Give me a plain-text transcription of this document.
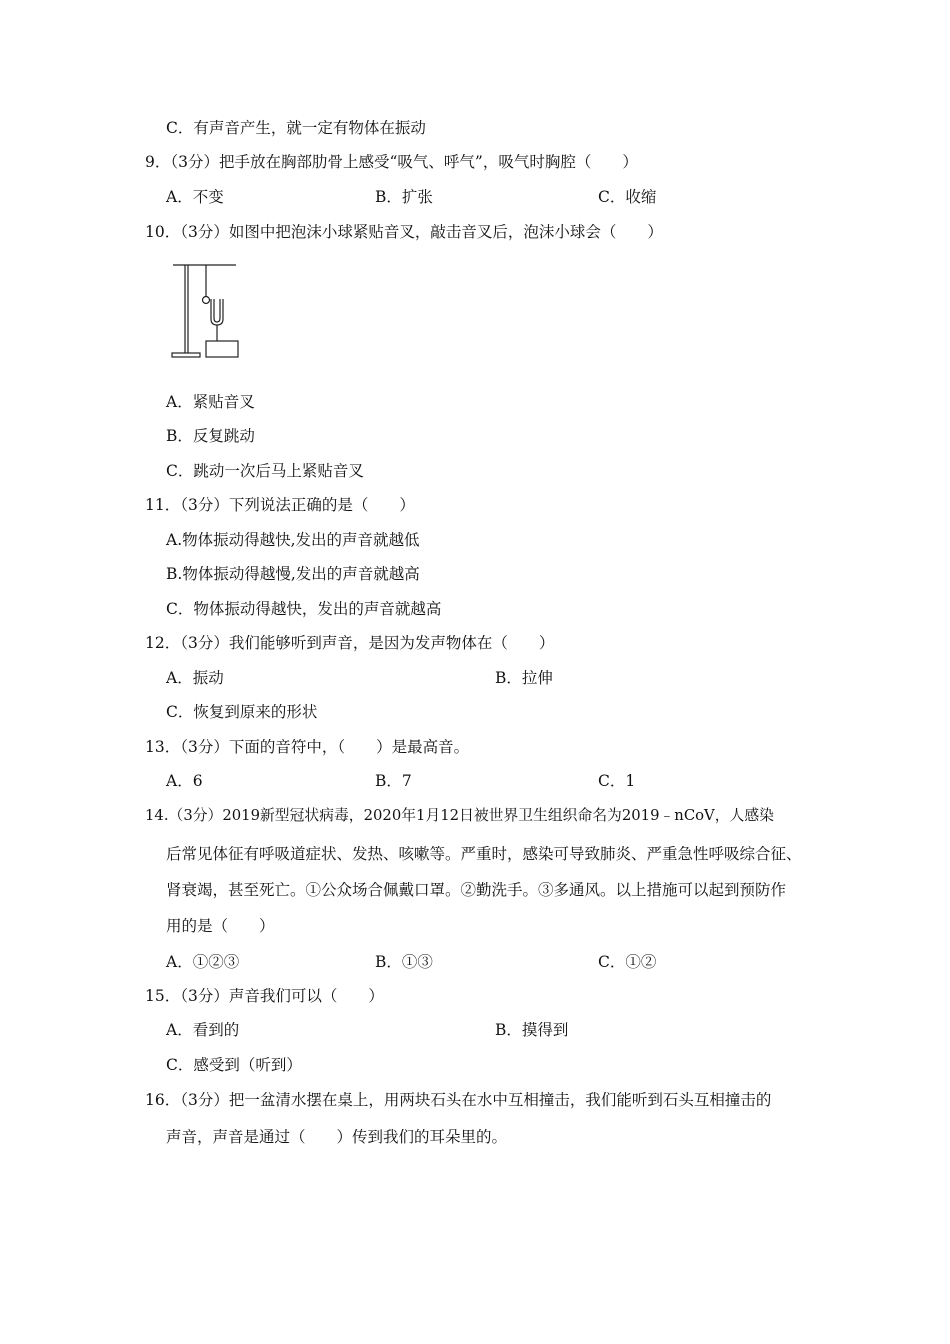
C．有声音产生，就一定有物体在振动
9．（3分）把手放在胸部肋骨上感受“吸气、呼气”，吸气时胸腔（　　）
A．不变	B．扩张	C．收缩
10．（3分）如图中把泡沫小球紧贴音叉，敲击音叉后，泡沫小球会（　　）
A．紧贴音叉
B．反复跳动
C．跳动一次后马上紧贴音叉
11．（3分）下列说法正确的是（　　）
A.物体振动得越快,发出的声音就越低
B.物体振动得越慢,发出的声音就越高
C．物体振动得越快，发出的声音就越高
12．（3分）我们能够听到声音，是因为发声物体在（　　）
A．振动	B．拉伸
C．恢复到原来的形状
13．（3分）下面的音符中，（　　）是最高音。
A．6	B．7	C．1
14.（3分）2019新型冠状病毒，2020年1月12日被世界卫生组织命名为2019﹣nCoV，人感染
后常见体征有呼吸道症状、发热、咳嗽等。严重时，感染可导致肺炎、严重急性呼吸综合征、
肾衰竭，甚至死亡。①公众场合佩戴口罩。②勤洗手。③多通风。以上措施可以起到预防作
用的是（　　）
A．①②③	B．①③	C．①②
15．（3分）声音我们可以（　　）
A．看到的	B．摸得到
C．感受到（听到）
16．（3分）把一盆清水摆在桌上，用两块石头在水中互相撞击，我们能听到石头互相撞击的
声音，声音是通过（　　）传到我们的耳朵里的。
